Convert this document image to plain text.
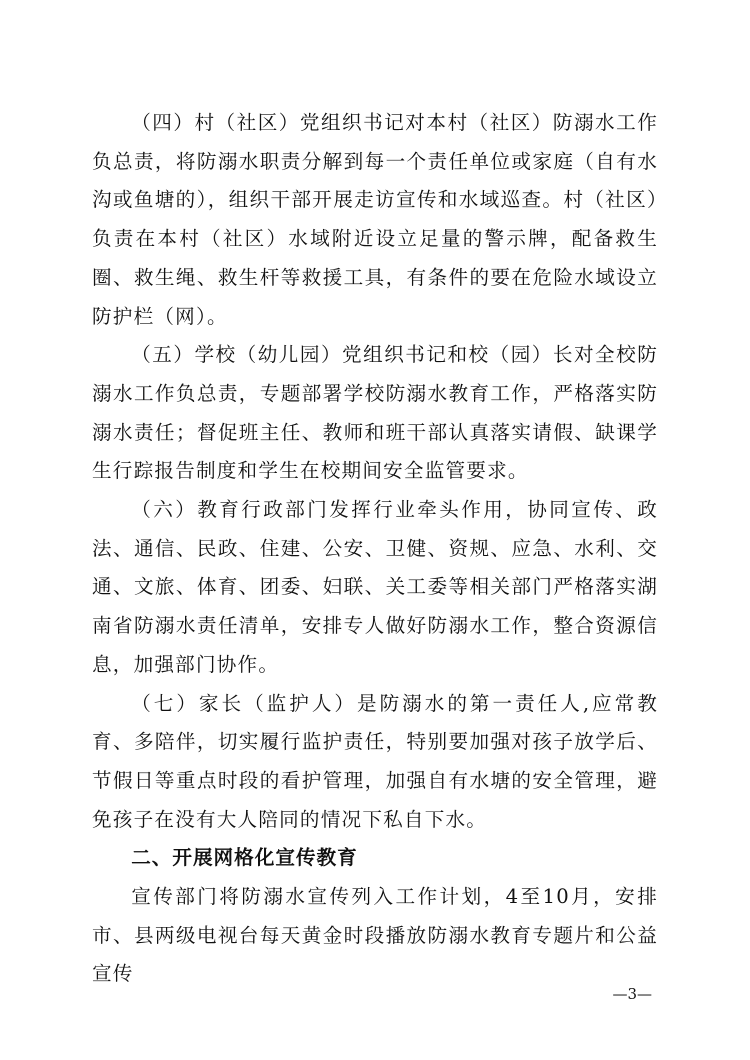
（四）村（社区）党组织书记对本村（社区）防溺水工作负总责，将防溺水职责分解到每一个责任单位或家庭（自有水沟或鱼塘的），组织干部开展走访宣传和水域巡查。村（社区）负责在本村（社区）水域附近设立足量的警示牌，配备救生圈、救生绳、救生杆等救援工具，有条件的要在危险水域设立防护栏（网）。

（五）学校（幼儿园）党组织书记和校（园）长对全校防溺水工作负总责，专题部署学校防溺水教育工作，严格落实防溺水责任；督促班主任、教师和班干部认真落实请假、缺课学生行踪报告制度和学生在校期间安全监管要求。

（六）教育行政部门发挥行业牵头作用，协同宣传、政法、通信、民政、住建、公安、卫健、资规、应急、水利、交通、文旅、体育、团委、妇联、关工委等相关部门严格落实湖南省防溺水责任清单，安排专人做好防溺水工作，整合资源信息，加强部门协作。

（七）家长（监护人）是防溺水的第一责任人,应常教育、多陪伴，切实履行监护责任，特别要加强对孩子放学后、节假日等重点时段的看护管理，加强自有水塘的安全管理，避免孩子在没有大人陪同的情况下私自下水。

二、开展网格化宣传教育

宣传部门将防溺水宣传列入工作计划，4至10月，安排市、县两级电视台每天黄金时段播放防溺水教育专题片和公益宣传

—3—
